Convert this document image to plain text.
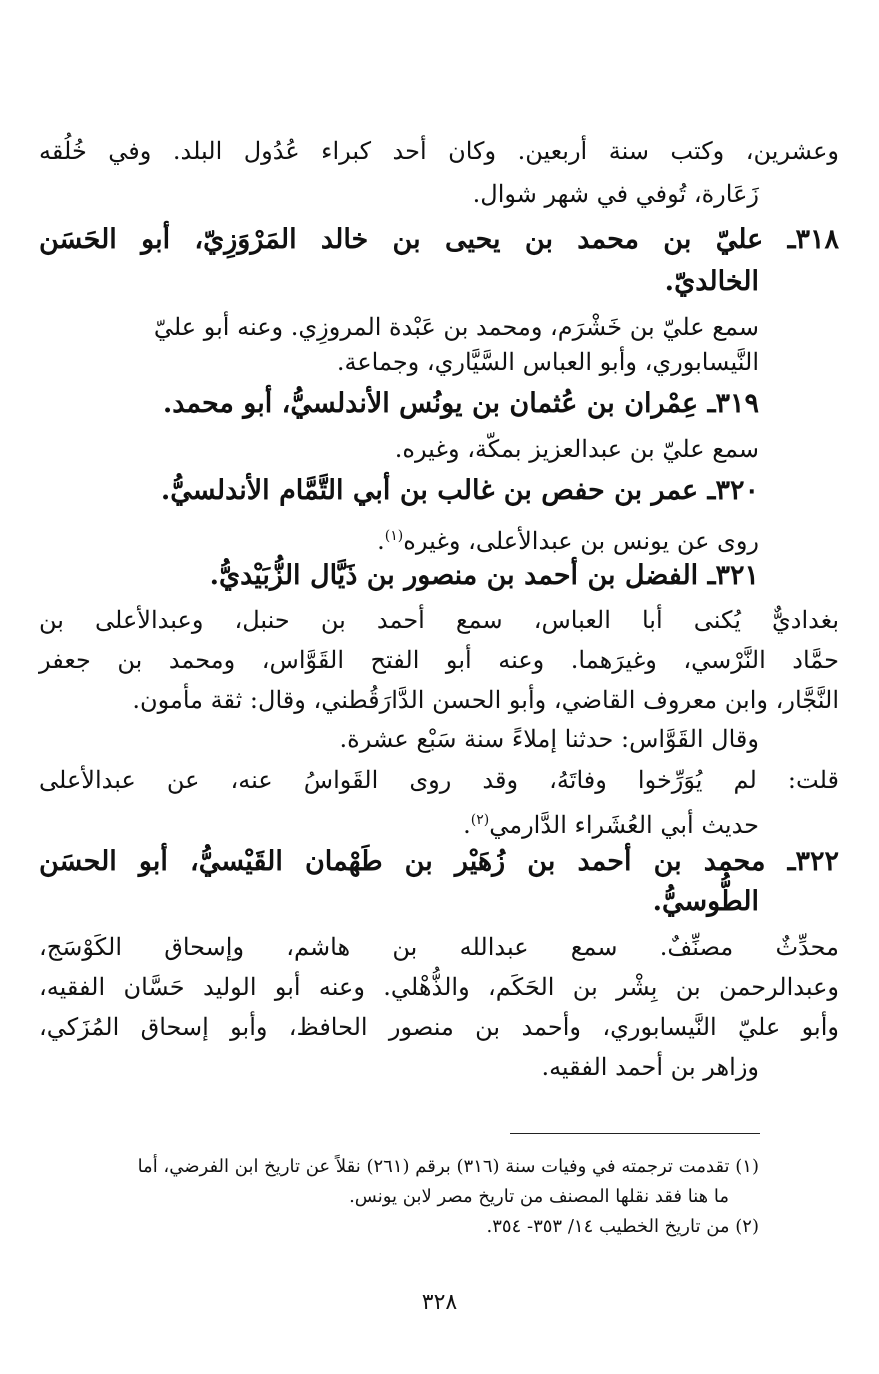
وعشرين، وكتب سنة أربعين. وكان أحد كبراء عُدُول البلد. وفي خُلُقه
زَعَارة، تُوفي في شهر شوال.
٣١٨ـ عليّ بن محمد بن يحيى بن خالد المَرْوَزِيّ، أبو الحَسَن
الخالديّ.
سمع عليّ بن خَشْرَم، ومحمد بن عَبْدة المروزِي. وعنه أبو عليّ
النَّيسابوري، وأبو العباس السَّيَّاري، وجماعة.
٣١٩ـ عِمْران بن عُثمان بن يونُس الأندلسيُّ، أبو محمد.
سمع عليّ بن عبدالعزيز بمكّة، وغيره.
٣٢٠ـ عمر بن حفص بن غالب بن أبي التَّمَّام الأندلسيُّ.
روى عن يونس بن عبدالأعلى، وغيره$^{(١)}$.
٣٢١ـ الفضل بن أحمد بن منصور بن ذَيَّال الزُّبَيْديُّ.
بغداديٌّ يُكنى أبا العباس، سمع أحمد بن حنبل، وعبدالأعلى بن
حمَّاد النَّرْسي، وغيرَهما. وعنه أبو الفتح القَوَّاس، ومحمد بن جعفر
النَّجَّار، وابن معروف القاضي، وأبو الحسن الدَّارَقُطني، وقال: ثقة مأمون.
وقال القَوَّاس: حدثنا إملاءً سنة سَبْع عشرة.
قلت: لم يُوَرِّخوا وفاتَهُ، وقد روى القَواسُ عنه، عن عبدالأعلى
حديث أبي العُشَراء الدَّارمي$^{(٢)}$.
٣٢٢ـ محمد بن أحمد بن زُهَيْر بن طَهْمان القَيْسيُّ، أبو الحسَن
الطُّوسيُّ.
محدِّثٌ مصنِّفٌ. سمع عبدالله بن هاشم، وإسحاق الكَوْسَج،
وعبدالرحمن بن بِشْر بن الحَكَم، والذُّهْلي. وعنه أبو الوليد حَسَّان الفقيه،
وأبو عليّ النَّيسابوري، وأحمد بن منصور الحافظ، وأبو إسحاق المُزَكي،
وزاهر بن أحمد الفقيه.
(١) تقدمت ترجمته في وفيات سنة (٣١٦) برقم (٢٦١) نقلاً عن تاريخ ابن الفرضي، أما
ما هنا فقد نقلها المصنف من تاريخ مصر لابن يونس.
(٢) من تاريخ الخطيب ١٤/ ٣٥٣- ٣٥٤.
٣٢٨
